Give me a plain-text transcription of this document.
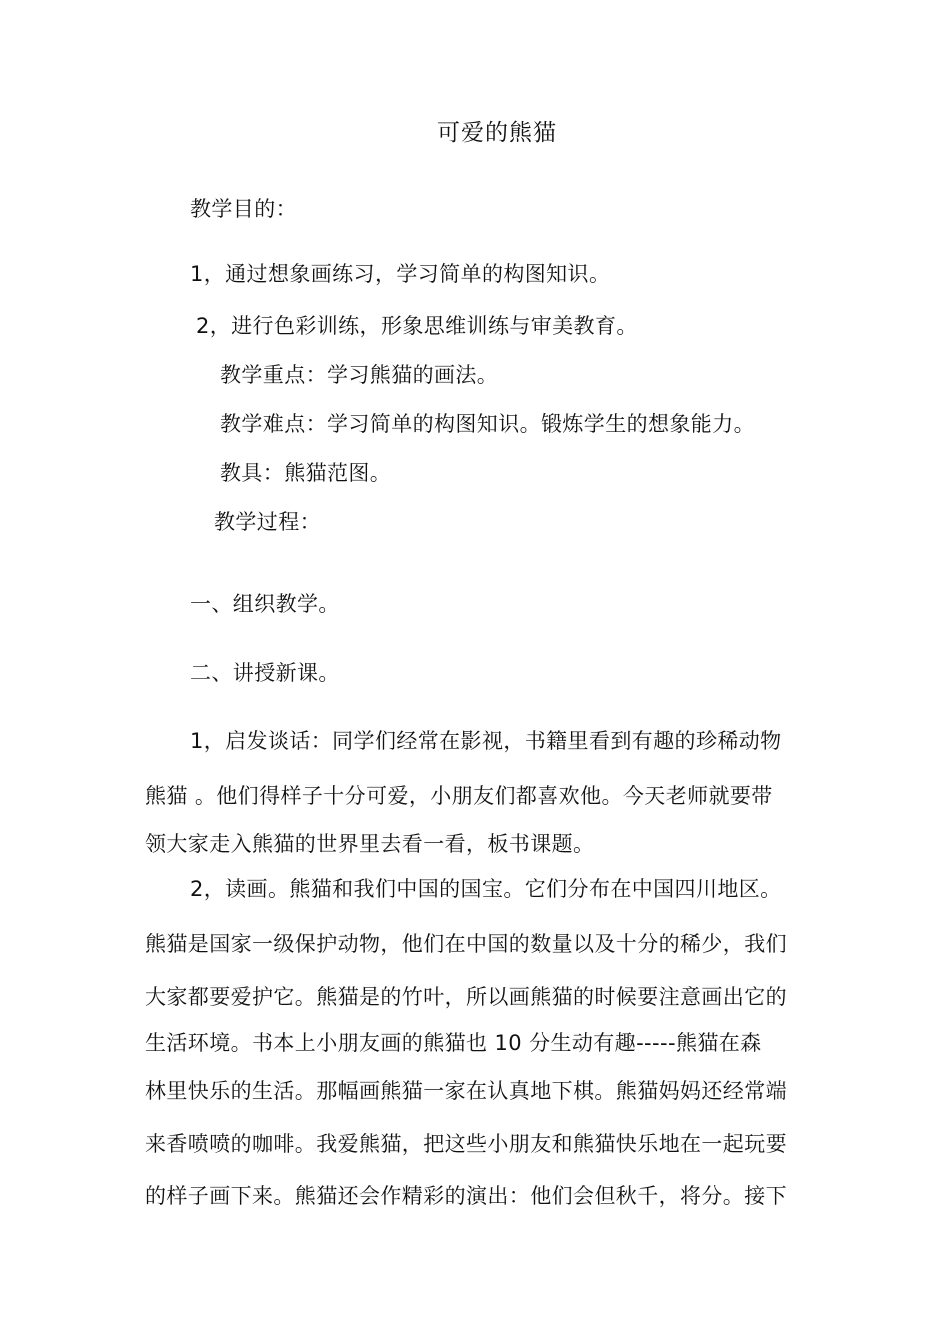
可爱的熊猫
教学目的：
1，通过想象画练习，学习简单的构图知识。
2，进行色彩训练，形象思维训练与审美教育。
教学重点：学习熊猫的画法。
教学难点：学习简单的构图知识。锻炼学生的想象能力。
教具：熊猫范图。
教学过程：
一、组织教学。
二、讲授新课。
1，启发谈话：同学们经常在影视，书籍里看到有趣的珍稀动物
熊猫 。他们得样子十分可爱，小朋友们都喜欢他。今天老师就要带
领大家走入熊猫的世界里去看一看，板书课题。
2，读画。熊猫和我们中国的国宝。它们分布在中国四川地区。
熊猫是国家一级保护动物，他们在中国的数量以及十分的稀少，我们
大家都要爱护它。熊猫是的竹叶，所以画熊猫的时候要注意画出它的
生活环境。书本上小朋友画的熊猫也 10 分生动有趣-----熊猫在森
林里快乐的生活。那幅画熊猫一家在认真地下棋。熊猫妈妈还经常端
来香喷喷的咖啡。我爱熊猫，把这些小朋友和熊猫快乐地在一起玩要
的样子画下来。熊猫还会作精彩的演出：他们会但秋千，将分。接下
